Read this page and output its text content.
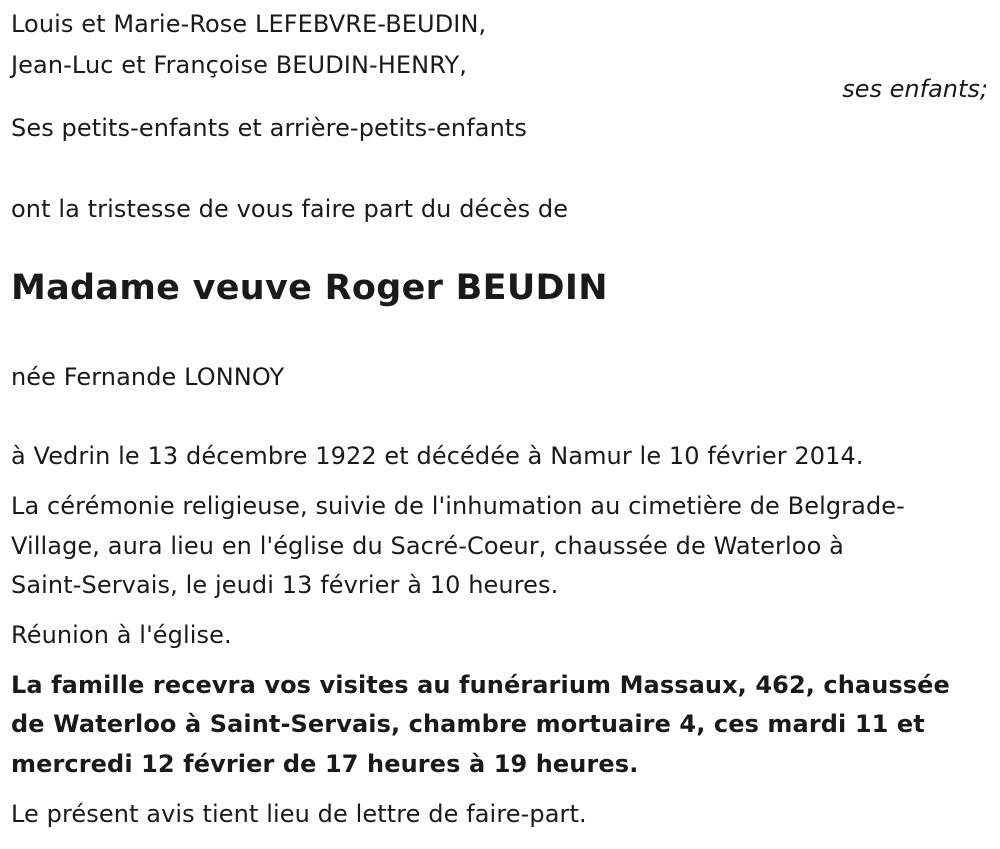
Louis et Marie-Rose LEFEBVRE-BEUDIN,
Jean-Luc et Françoise BEUDIN-HENRY,
ses enfants;
Ses petits-enfants et arrière-petits-enfants
ont la tristesse de vous faire part du décès de
Madame veuve Roger BEUDIN
née Fernande LONNOY
à Vedrin le 13 décembre 1922 et décédée à Namur le 10 février 2014.
La cérémonie religieuse, suivie de l'inhumation au cimetière de Belgrade-
Village, aura lieu en l'église du Sacré-Coeur, chaussée de Waterloo à
Saint-Servais, le jeudi 13 février à 10 heures.
Réunion à l'église.
La famille recevra vos visites au funérarium Massaux, 462, chaussée
de Waterloo à Saint-Servais, chambre mortuaire 4, ces mardi 11 et
mercredi 12 février de 17 heures à 19 heures.
Le présent avis tient lieu de lettre de faire-part.
